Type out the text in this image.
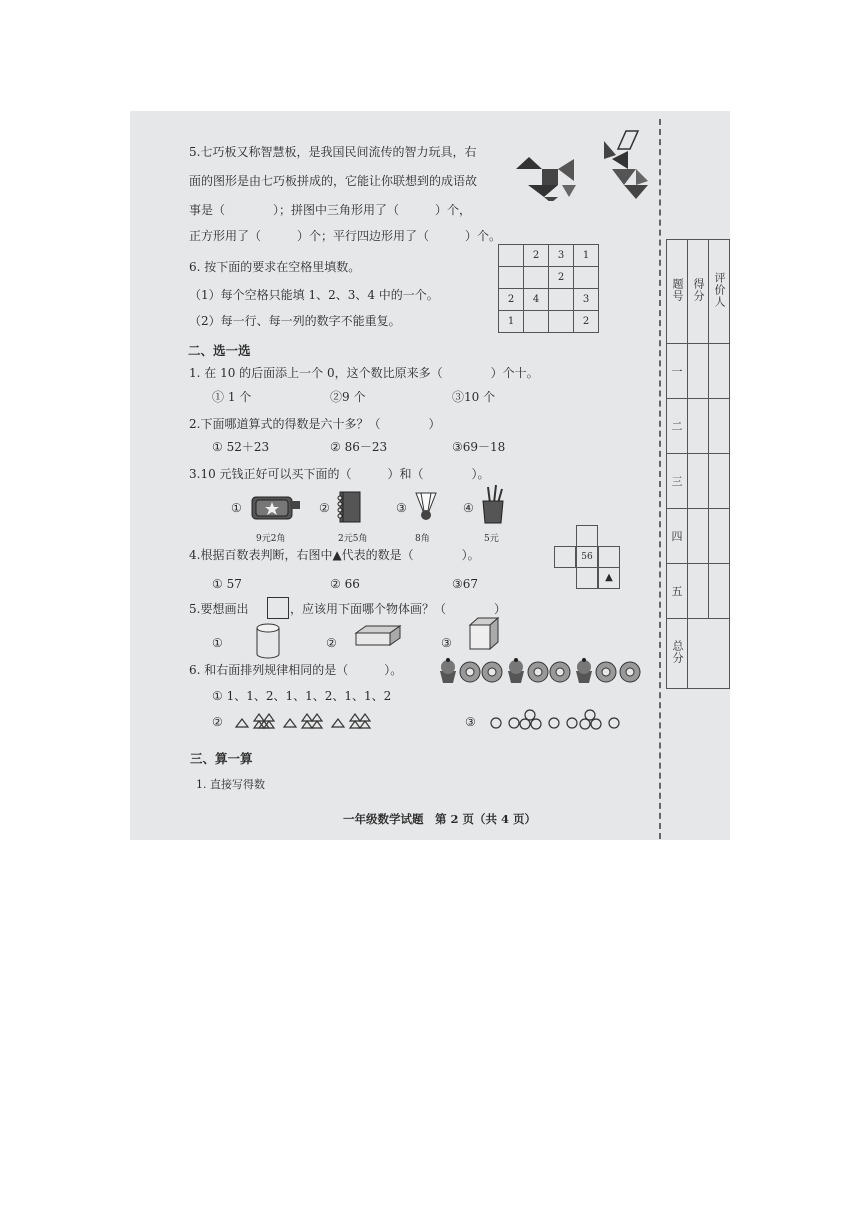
5.七巧板又称智慧板，是我国民间流传的智力玩具，右
面的图形是由七巧板拼成的，它能让你联想到的成语故
事是（　　　　）；拼图中三角形用了（　　　）个，
正方形用了（　　　）个；平行四边形用了（　　　）个。
6. 按下面的要求在空格里填数。
（1）每个空格只能填 1、2、3、4 中的一个。
（2）每一行、每一列的数字不能重复。
	2	3	1
		2	
2	4		3
1			2
二、选一选
1. 在 10 的后面添上一个 0，这个数比原来多（　　　　）个十。
① 1 个	②9 个	③10 个
2.下面哪道算式的得数是六十多？（　　　　）
① 52＋23	② 86－23	③69－18
3.10 元钱正好可以买下面的（　　　）和（　　　　）。
①
9元2角
②
2元5角
③
8角
④
5元
4.根据百数表判断，右图中▲代表的数是（　　　　）。
① 57	② 66	③67
56
▲
5.要想画出	，应该用下面哪个物体画？（　　　　）
①	②	③
6. 和右面排列规律相同的是（　　　）。
① 1、1、2、1、1、2、1、1、2
②	③
三、算一算
1. 直接写得数
一年级数学试题　第 2 页（共 4 页）
题号	得分	评价人
一		
二		
三		
四		
五		
总分		
